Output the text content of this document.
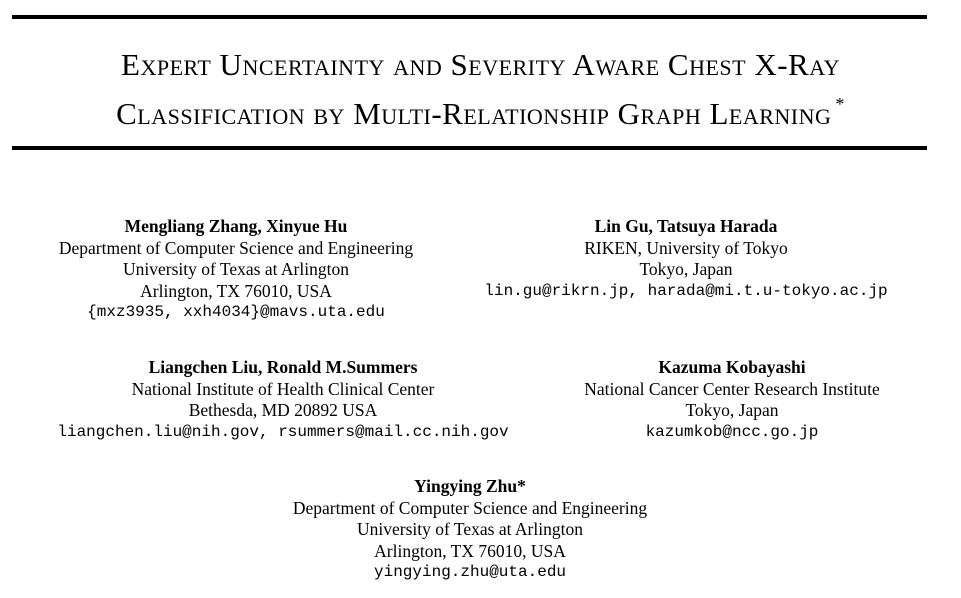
Expert Uncertainty and Severity Aware Chest X-Ray
Classification by Multi-Relationship Graph Learning *
Mengliang Zhang, Xinyue Hu
Department of Computer Science and Engineering
University of Texas at Arlington
Arlington, TX 76010, USA
{mxz3935, xxh4034}@mavs.uta.edu
Lin Gu, Tatsuya Harada
RIKEN, University of Tokyo
Tokyo, Japan
lin.gu@rikrn.jp, harada@mi.t.u-tokyo.ac.jp
Liangchen Liu, Ronald M.Summers
National Institute of Health Clinical Center
Bethesda, MD 20892 USA
liangchen.liu@nih.gov, rsummers@mail.cc.nih.gov
Kazuma Kobayashi
National Cancer Center Research Institute
Tokyo, Japan
kazumkob@ncc.go.jp
Yingying Zhu*
Department of Computer Science and Engineering
University of Texas at Arlington
Arlington, TX 76010, USA
yingying.zhu@uta.edu
